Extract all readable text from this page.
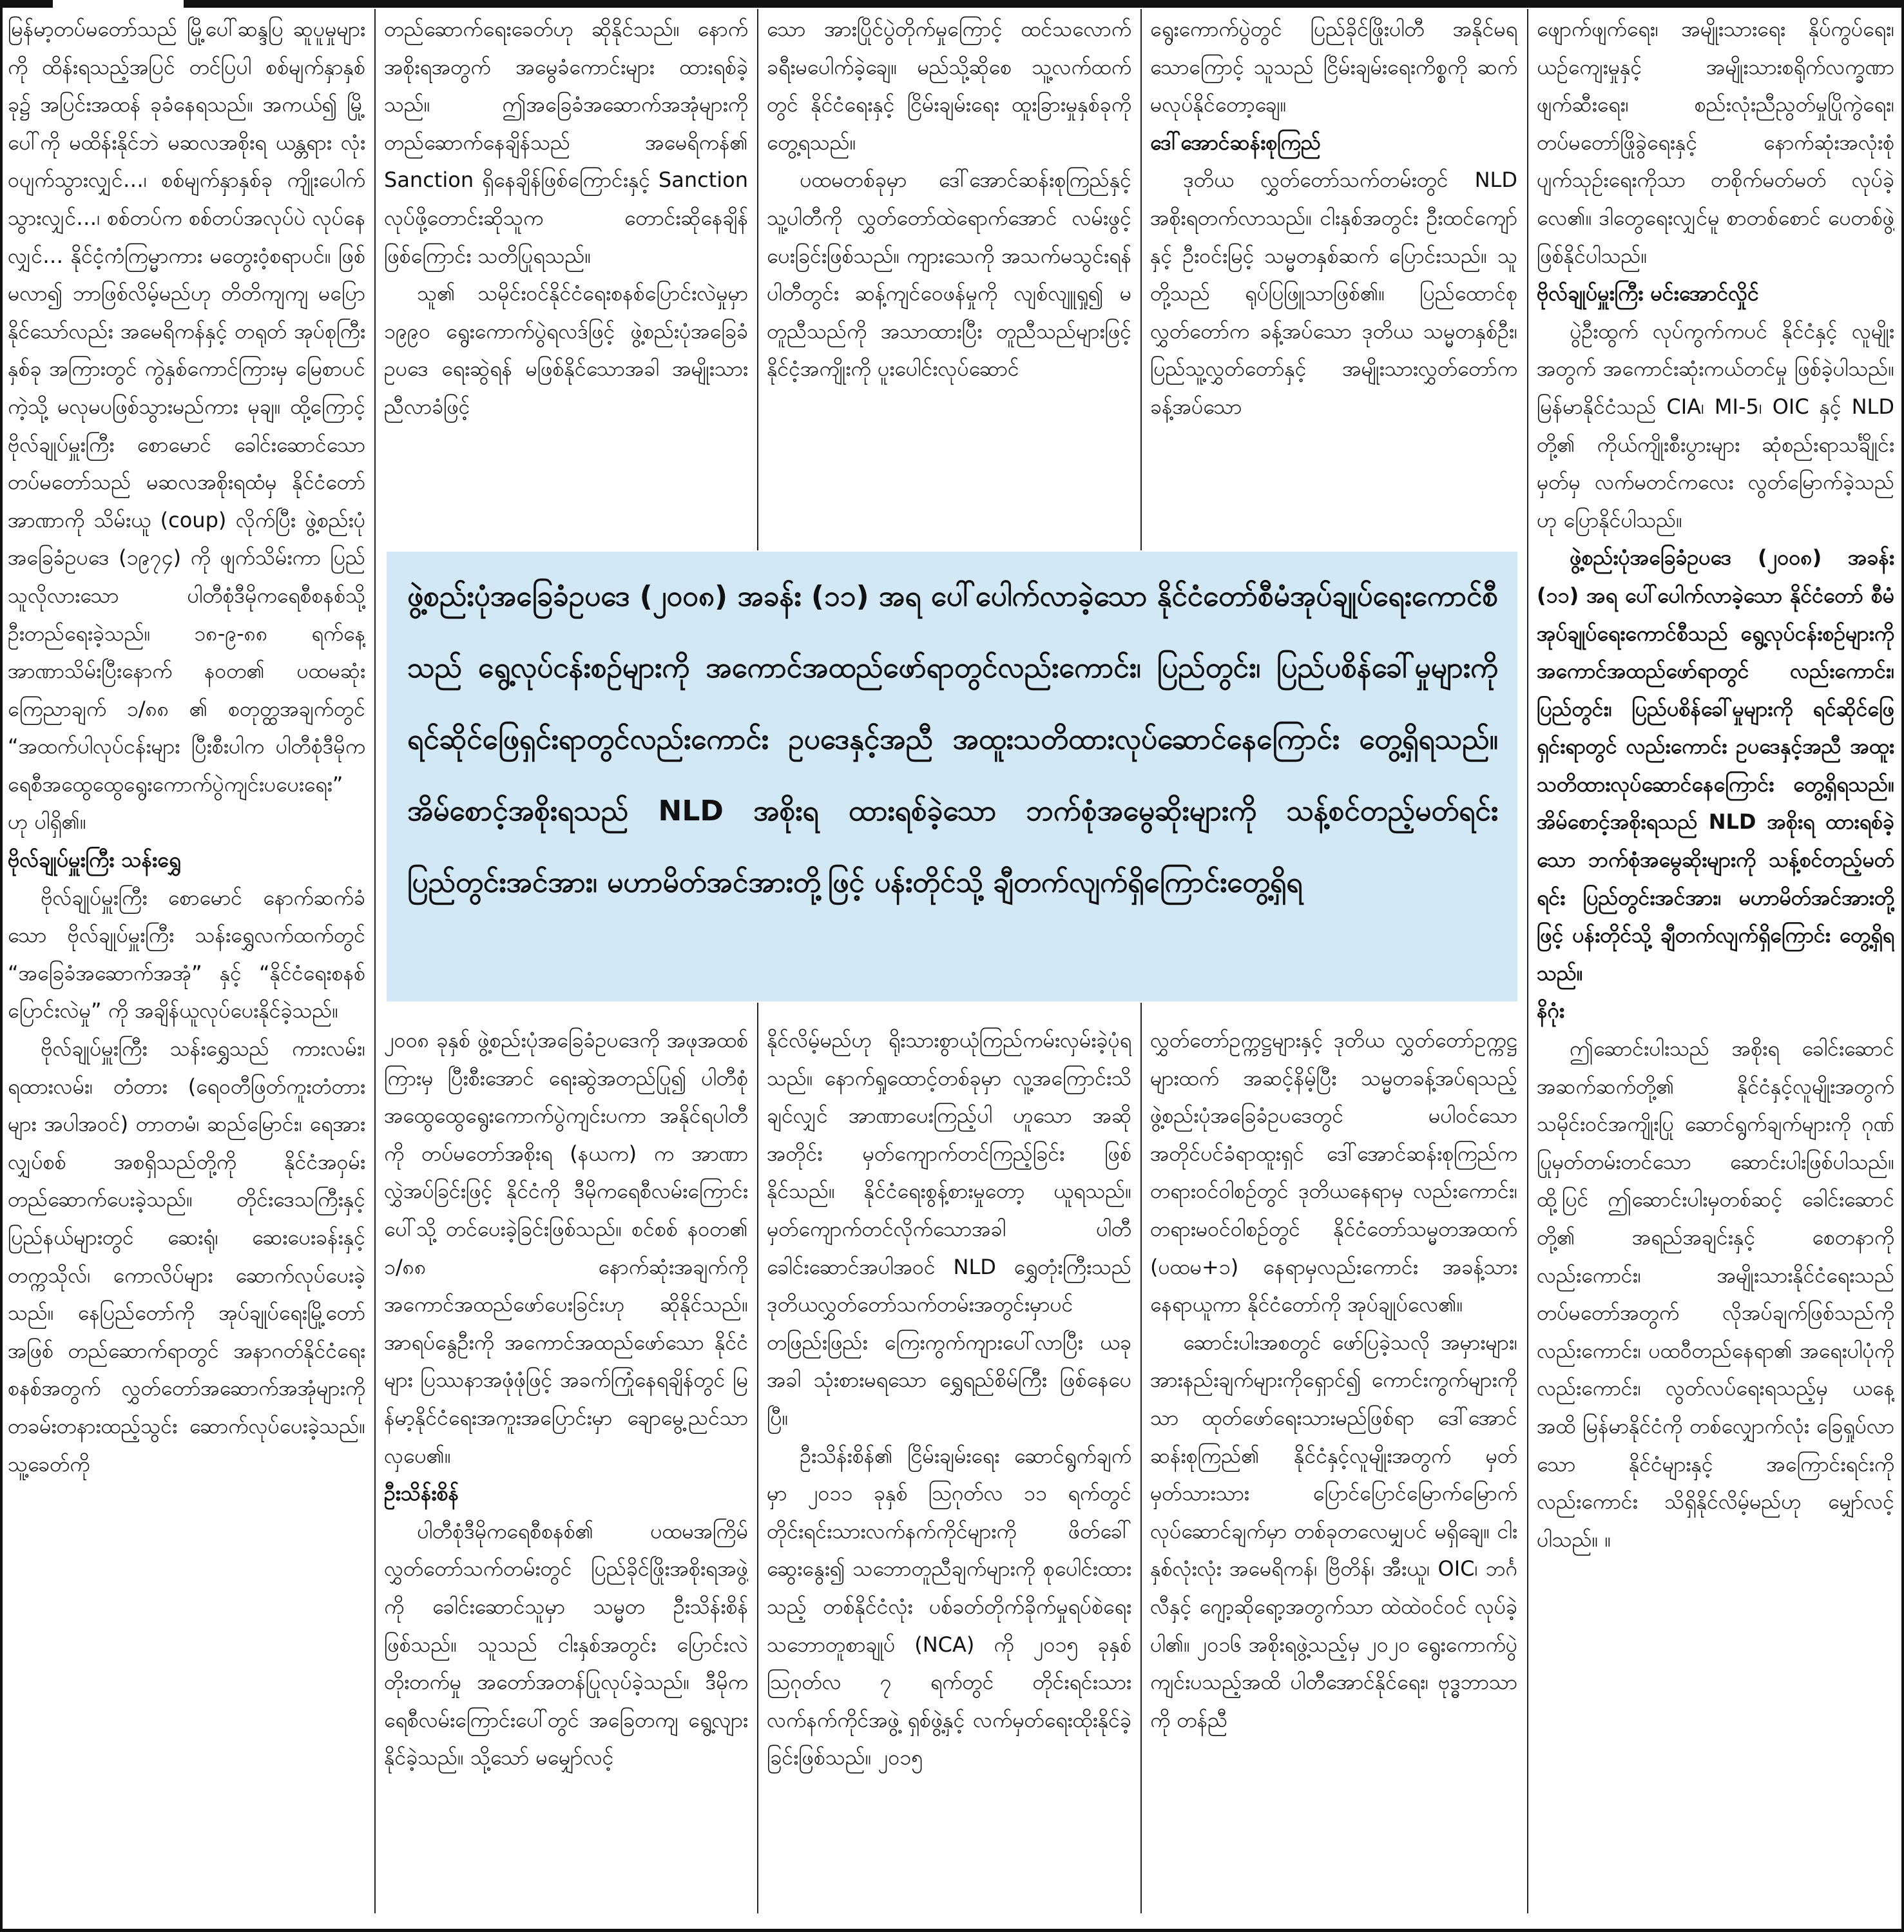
မြန်မာ့တပ်မတော်သည် မြို့ပေါ်ဆန္ဒပြ ဆူပူမှုများကို ထိန်းရသည့်အပြင် တင်ပြပါ စစ်မျက်နှာနှစ်ခု၌ အပြင်းအထန် ခုခံနေရသည်။ အကယ်၍ မြို့ပေါ်ကို မထိန်းနိုင်ဘဲ မဆလအစိုးရ ယန္တရား လုံးဝပျက်သွားလျှင်…၊ စစ်မျက်နှာနှစ်ခု ကျိုးပေါက်သွားလျှင်…၊ စစ်တပ်က စစ်တပ်အလုပ်ပဲ လုပ်နေလျှင်… နိုင်ငံ့ကံကြမ္မာကား မတွေးဝံ့စရာပင်။ ဖြစ်မလာ၍ ဘာဖြစ်လိမ့်မည်ဟု တိတိကျကျ မပြောနိုင်သော်လည်း အမေရိကန်နှင့် တရုတ် အုပ်စုကြီးနှစ်ခု အကြားတွင် ကွဲနှစ်ကောင်ကြားမှ မြေစာပင်ကဲ့သို့ မလုမပဖြစ်သွားမည်ကား မုချ။ ထို့ကြောင့် ဗိုလ်ချုပ်မှူးကြီး စောမောင် ခေါင်းဆောင်သော တပ်မတော်သည် မဆလအစိုးရထံမှ နိုင်ငံတော်အာဏာကို သိမ်းယူ (coup) လိုက်ပြီး ဖွဲ့စည်းပုံအခြေခံဥပဒေ (၁၉၇၄) ကို ဖျက်သိမ်းကာ ပြည်သူလိုလားသော ပါတီစုံဒီမိုကရေစီစနစ်သို့ ဦးတည်ရေးခဲ့သည်။ ၁၈-၉-၈၈ ရက်နေ့ အာဏာသိမ်းပြီးနောက် နဝတ၏ ပထမဆုံးကြေညာချက် ၁/၈၈ ၏ စတုတ္ထအချက်တွင် “အထက်ပါလုပ်ငန်းများ ပြီးစီးပါက ပါတီစုံဒီမိုကရေစီအထွေထွေရွေးကောက်ပွဲကျင်းပပေးရေး” ဟု ပါရှိ၏။

ဗိုလ်ချုပ်မှူးကြီး သန်းရွှေ

ဗိုလ်ချုပ်မှူးကြီး စောမောင် နောက်ဆက်ခံသော ဗိုလ်ချုပ်မှူးကြီး သန်းရွှေလက်ထက်တွင် “အခြေခံအဆောက်အအုံ” နှင့် “နိုင်ငံရေးစနစ်ပြောင်းလဲမှု” ကို အချိန်ယူလုပ်ပေးနိုင်ခဲ့သည်။

ဗိုလ်ချုပ်မှူးကြီး သန်းရွှေသည် ကားလမ်း၊ ရထားလမ်း၊ တံတား (ရေဝတီဖြတ်ကူးတံတားများ အပါအဝင်) တာတမံ၊ ဆည်မြောင်း၊ ရေအားလျှပ်စစ် အစရှိသည်တို့ကို နိုင်ငံအဝှမ်း တည်ဆောက်ပေးခဲ့သည်။ တိုင်းဒေသကြီးနှင့် ပြည်နယ်များတွင် ဆေးရုံ၊ ဆေးပေးခန်းနှင့် တက္ကသိုလ်၊ ကောလိပ်များ ဆောက်လုပ်ပေးခဲ့သည်။ နေပြည်တော်ကို အုပ်ချုပ်ရေးမြို့တော်အဖြစ် တည်ဆောက်ရာတွင် အနာဂတ်နိုင်ငံရေးစနစ်အတွက် လွှတ်တော်အဆောက်အအုံများကို တခမ်းတနားထည့်သွင်း ဆောက်လုပ်ပေးခဲ့သည်။ သူ့ခေတ်ကို

တည်ဆောက်ရေးခေတ်ဟု ဆိုနိုင်သည်။ နောက်အစိုးရအတွက် အမွေခံကောင်းများ ထားရစ်ခဲ့သည်။ ဤအခြေခံအဆောက်အအုံများကို တည်ဆောက်နေချိန်သည် အမေရိကန်၏ Sanction ရှိနေချိန်ဖြစ်ကြောင်းနှင့် Sanction လုပ်ဖို့တောင်းဆိုသူက တောင်းဆိုနေချိန် ဖြစ်ကြောင်း သတိပြုရသည်။

သူ၏ သမိုင်းဝင်နိုင်ငံရေးစနစ်ပြောင်းလဲမှုမှာ ၁၉၉၀ ရွေးကောက်ပွဲရလဒ်ဖြင့် ဖွဲ့စည်းပုံအခြေခံဥပဒေ ရေးဆွဲရန် မဖြစ်နိုင်သောအခါ အမျိုးသားညီလာခံဖြင့်

၂၀၀၈ ခုနှစ် ဖွဲ့စည်းပုံအခြေခံဥပဒေကို အဖုအထစ်ကြားမှ ပြီးစီးအောင် ရေးဆွဲအတည်ပြု၍ ပါတီစုံအထွေထွေရွေးကောက်ပွဲကျင်းပကာ အနိုင်ရပါတီကို တပ်မတော်အစိုးရ (နယက) က အာဏာလွှဲအပ်ခြင်းဖြင့် နိုင်ငံကို ဒီမိုကရေစီလမ်းကြောင်းပေါ်သို့ တင်ပေးခဲ့ခြင်းဖြစ်သည်။ စင်စစ် နဝတ၏ ၁/၈၈ နောက်ဆုံးအချက်ကို အကောင်အထည်ဖော်ပေးခြင်းဟု ဆိုနိုင်သည်။ အာရပ်နွေဦးကို အကောင်အထည်ဖော်သော နိုင်ငံများ ပြဿနာအဖုံဖုံဖြင့် အခက်ကြုံနေရချိန်တွင် မြန်မာ့နိုင်ငံရေးအကူးအပြောင်းမှာ ချောမွေ့ညင်သာလှပေ၏။

ဦးသိန်းစိန်

ပါတီစုံဒီမိုကရေစီစနစ်၏ ပထမအကြိမ် လွှတ်တော်သက်တမ်းတွင် ပြည်ခိုင်ဖြိုးအစိုးရအဖွဲ့ကို ခေါင်းဆောင်သူမှာ သမ္မတ ဦးသိန်းစိန်ဖြစ်သည်။ သူသည် ငါးနှစ်အတွင်း ပြောင်းလဲတိုးတက်မှု အတော်အတန်ပြုလုပ်ခဲ့သည်။ ဒီမိုကရေစီလမ်းကြောင်းပေါ်တွင် အခြေတကျ ရွေ့လျားနိုင်ခဲ့သည်။ သို့သော် မမျှော်လင့်

သော အားပြိုင်ပွဲတိုက်မှုကြောင့် ထင်သလောက် ခရီးမပေါက်ခဲ့ချေ။ မည်သို့ဆိုစေ သူ့လက်ထက်တွင် နိုင်ငံရေးနှင့် ငြိမ်းချမ်းရေး ထူးခြားမှုနှစ်ခုကို တွေ့ရသည်။

ပထမတစ်ခုမှာ ဒေါ်အောင်ဆန်းစုကြည်နှင့် သူ့ပါတီကို လွှတ်တော်ထဲရောက်အောင် လမ်းဖွင့်ပေးခြင်းဖြစ်သည်။ ကျားသေကို အသက်မသွင်းရန် ပါတီတွင်း ဆန့်ကျင်ဝေဖန်မှုကို လျစ်လျူရှု၍ မတူညီသည်ကို အသာထားပြီး တူညီသည်များဖြင့် နိုင်ငံ့အကျိုးကို ပူးပေါင်းလုပ်ဆောင်

နိုင်လိမ့်မည်ဟု ရိုးသားစွာယုံကြည်ကမ်းလှမ်းခဲ့ပုံရသည်။ နောက်ရှုထောင့်တစ်ခုမှာ လူ့အကြောင်းသိချင်လျှင် အာဏာပေးကြည့်ပါ ဟူသော အဆိုအတိုင်း မှတ်ကျောက်တင်ကြည့်ခြင်း ဖြစ်နိုင်သည်။ နိုင်ငံရေးစွန့်စားမှုတော့ ယူရသည်။ မှတ်ကျောက်တင်လိုက်သောအခါ ပါတီခေါင်းဆောင်အပါအဝင် NLD ရွှေတုံးကြီးသည် ဒုတိယလွှတ်တော်သက်တမ်းအတွင်းမှာပင် တဖြည်းဖြည်း ကြေးကွက်ကျားပေါ်လာပြီး ယခုအခါ သုံးစားမရသော ရွှေရည်စိမ်ကြီး ဖြစ်နေပေပြီ။

ဦးသိန်းစိန်၏ ငြိမ်းချမ်းရေး ဆောင်ရွက်ချက်မှာ ၂၀၁၁ ခုနှစ် ဩဂုတ်လ ၁၁ ရက်တွင် တိုင်းရင်းသားလက်နက်ကိုင်များကို ဖိတ်ခေါ်ဆွေးနွေး၍ သဘောတူညီချက်များကို စုပေါင်းထားသည့် တစ်နိုင်ငံလုံး ပစ်ခတ်တိုက်ခိုက်မှုရပ်စဲရေး သဘောတူစာချုပ် (NCA) ကို ၂၀၁၅ ခုနှစ် ဩဂုတ်လ ၇ ရက်တွင် တိုင်းရင်းသားလက်နက်ကိုင်အဖွဲ့ ရှစ်ဖွဲ့နှင့် လက်မှတ်ရေးထိုးနိုင်ခဲ့ခြင်းဖြစ်သည်။ ၂၀၁၅

ရွေးကောက်ပွဲတွင် ပြည်ခိုင်ဖြိုးပါတီ အနိုင်မရသောကြောင့် သူသည် ငြိမ်းချမ်းရေးကိစ္စကို ဆက်မလုပ်နိုင်တော့ချေ။

ဒေါ်အောင်ဆန်းစုကြည်

ဒုတိယ လွှတ်တော်သက်တမ်းတွင် NLD အစိုးရတက်လာသည်။ ငါးနှစ်အတွင်း ဦးထင်ကျော်နှင့် ဦးဝင်းမြင့် သမ္မတနှစ်ဆက် ပြောင်းသည်။ သူတို့သည် ရုပ်ပြဖြူသာဖြစ်၏။ ပြည်ထောင်စုလွှတ်တော်က ခန့်အပ်သော ဒုတိယ သမ္မတနှစ်ဦး၊ ပြည်သူ့လွှတ်တော်နှင့် အမျိုးသားလွှတ်တော်က ခန့်အပ်သော

လွှတ်တော်ဥက္ကဋ္ဌများနှင့် ဒုတိယ လွှတ်တော်ဥက္ကဋ္ဌများထက် အဆင့်နိမ့်ပြီး သမ္မတခန့်အပ်ရသည့် ဖွဲ့စည်းပုံအခြေခံဥပဒေတွင် မပါဝင်သော အတိုင်ပင်ခံရာထူးရှင် ဒေါ်အောင်ဆန်းစုကြည်က တရားဝင်ဝါစဉ်တွင် ဒုတိယနေရာမှ လည်းကောင်း၊ တရားမဝင်ဝါစဉ်တွင် နိုင်ငံတော်သမ္မတအထက် (ပထမ+၁) နေရာမှလည်းကောင်း အခန့်သားနေရာယူကာ နိုင်ငံတော်ကို အုပ်ချုပ်လေ၏။

ဆောင်းပါးအစတွင် ဖော်ပြခဲ့သလို အမှားများ၊ အားနည်းချက်များကိုရှောင်၍ ကောင်းကွက်များကိုသာ ထုတ်ဖော်ရေးသားမည်ဖြစ်ရာ ဒေါ်အောင်ဆန်းစုကြည်၏ နိုင်ငံနှင့်လူမျိုးအတွက် မှတ်မှတ်သားသား ပြောင်ပြောင်မြောက်မြောက်လုပ်ဆောင်ချက်မှာ တစ်ခုတလေမျှပင် မရှိချေ။ ငါးနှစ်လုံးလုံး အမေရိကန်၊ ဗြိတိန်၊ အီးယူ၊ OIC၊ ဘင်္ဂလီနှင့် ဂျော့ဆိုရော့အတွက်သာ ထဲထဲဝင်ဝင် လုပ်ခဲ့ပါ၏။ ၂၀၁၆ အစိုးရဖွဲ့သည့်မှ ၂၀၂၀ ရွေးကောက်ပွဲကျင်းပသည့်အထိ ပါတီအောင်နိုင်ရေး၊ ဗုဒ္ဓဘာသာကို တန်ညီ

ဖျောက်ဖျက်ရေး၊ အမျိုးသားရေး နိုပ်ကွပ်ရေး၊ ယဉ်ကျေးမှုနှင့် အမျိုးသားစရိုက်လက္ခဏာ ဖျက်ဆီးရေး၊ စည်းလုံးညီညွတ်မှုပြိုကွဲရေး၊ တပ်မတော်ဖြိုခွဲရေးနှင့် နောက်ဆုံးအလုံးစုံပျက်သုဉ်းရေးကိုသာ တစိုက်မတ်မတ် လုပ်ခဲ့လေ၏။ ဒါတွေရေးလျှင်မူ စာတစ်စောင် ပေတစ်ဖွဲ့ ဖြစ်နိုင်ပါသည်။

ဗိုလ်ချုပ်မှူးကြီး မင်းအောင်လှိုင်

ပွဲဦးထွက် လုပ်ကွက်ကပင် နိုင်ငံနှင့် လူမျိုးအတွက် အကောင်းဆုံးကယ်တင်မှု ဖြစ်ခဲ့ပါသည်။ မြန်မာနိုင်ငံသည် CIA၊ MI-5၊ OIC နှင့် NLD တို့၏ ကိုယ်ကျိုးစီးပွားများ ဆုံစည်းရာသင်္ချိုင်းမှတ်မှ လက်မတင်ကလေး လွတ်မြောက်ခဲ့သည်ဟု ပြောနိုင်ပါသည်။

ဖွဲ့စည်းပုံအခြေခံဥပဒေ (၂၀၀၈) အခန်း (၁၁) အရ ပေါ်ပေါက်လာခဲ့သော နိုင်ငံတော် စီမံအုပ်ချုပ်ရေးကောင်စီသည် ရွေ့လုပ်ငန်းစဉ်များကို အကောင်အထည်ဖော်ရာတွင် လည်းကောင်း၊ ပြည်တွင်း၊ ပြည်ပစိန်ခေါ်မှုများကို ရင်ဆိုင်ဖြေရှင်းရာတွင် လည်းကောင်း ဥပဒေနှင့်အညီ အထူးသတိထားလုပ်ဆောင်နေကြောင်း တွေ့ရှိရသည်။ အိမ်စောင့်အစိုးရသည် NLD အစိုးရ ထားရစ်ခဲ့သော ဘက်စုံအမွေဆိုးများကို သန့်စင်တည့်မတ်ရင်း ပြည်တွင်းအင်အား၊ မဟာမိတ်အင်အားတို့ဖြင့် ပန်းတိုင်သို့ ချီတက်လျက်ရှိကြောင်း တွေ့ရှိရသည်။

နိဂုံး

ဤဆောင်းပါးသည် အစိုးရ ခေါင်းဆောင်အဆက်ဆက်တို့၏ နိုင်ငံနှင့်လူမျိုးအတွက် သမိုင်းဝင်အကျိုးပြု ဆောင်ရွက်ချက်များကို ဂုဏ်ပြုမှတ်တမ်းတင်သော ဆောင်းပါးဖြစ်ပါသည်။ ထို့ပြင် ဤဆောင်းပါးမှတစ်ဆင့် ခေါင်းဆောင်တို့၏ အရည်အချင်းနှင့် စေတနာကိုလည်းကောင်း၊ အမျိုးသားနိုင်ငံရေးသည် တပ်မတော်အတွက် လိုအပ်ချက်ဖြစ်သည်ကိုလည်းကောင်း၊ ပထဝီတည်နေရာ၏ အရေးပါပုံကို လည်းကောင်း၊ လွတ်လပ်ရေးရသည့်မှ ယနေ့အထိ မြန်မာနိုင်ငံကို တစ်လျှောက်လုံး ခြေရှုပ်လာသော နိုင်ငံများနှင့် အကြောင်းရင်းကို လည်းကောင်း သိရှိနိုင်လိမ့်မည်ဟု မျှော်လင့်ပါသည်။ ။

ဖွဲ့စည်းပုံအခြေခံဥပဒေ (၂၀၀၈) အခန်း (၁၁) အရ ပေါ်ပေါက်လာခဲ့သော နိုင်ငံတော်စီမံအုပ်ချုပ်ရေးကောင်စီသည် ရွေ့လုပ်ငန်းစဉ်များကို အကောင်အထည်ဖော်ရာတွင်လည်းကောင်း၊ ပြည်တွင်း၊ ပြည်ပစိန်ခေါ်မှုများကို ရင်ဆိုင်ဖြေရှင်းရာတွင်လည်းကောင်း ဥပဒေနှင့်အညီ အထူးသတိထားလုပ်ဆောင်နေကြောင်း တွေ့ရှိရသည်။ အိမ်စောင့်အစိုးရသည် NLD အစိုးရ ထားရစ်ခဲ့သော ဘက်စုံအမွေဆိုးများကို သန့်စင်တည့်မတ်ရင်း ပြည်တွင်းအင်အား၊ မဟာမိတ်အင်အားတို့ဖြင့် ပန်းတိုင်သို့ ချီတက်လျက်ရှိကြောင်းတွေ့ရှိရ
